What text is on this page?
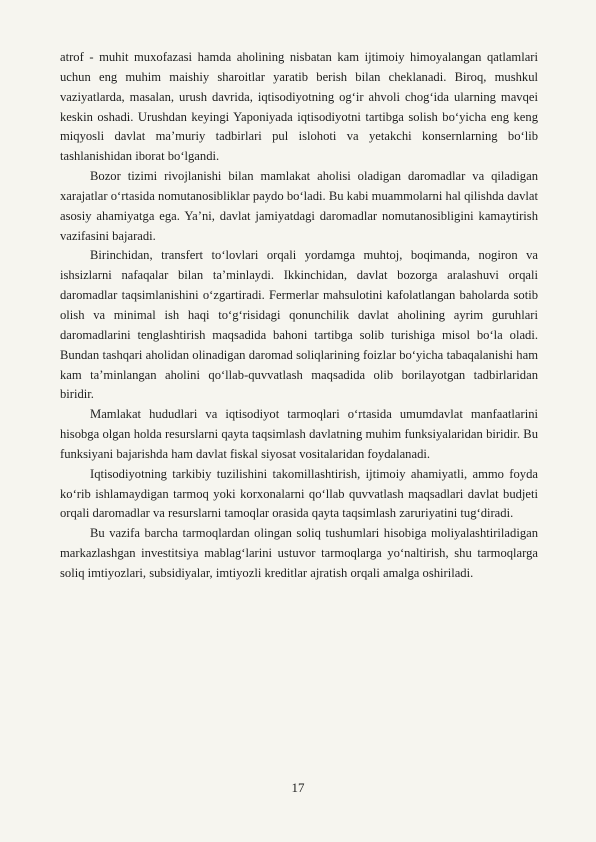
atrof - muhit muxofazasi hamda aholining nisbatan kam ijtimoiy himoyalangan qatlamlari uchun eng muhim maishiy sharoitlar yaratib berish bilan cheklanadi. Biroq, mushkul vaziyatlarda, masalan, urush davrida, iqtisodiyotning og‘ir ahvoli chog‘ida ularning mavqei keskin oshadi. Urushdan keyingi Yaponiyada iqtisodiyotni tartibga solish bo‘yicha eng keng miqyosli davlat ma’muriy tadbirlari pul islohoti va yetakchi konsernlarning bo‘lib tashlanishidan iborat bo‘lgandi.

Bozor tizimi rivojlanishi bilan mamlakat aholisi oladigan daromadlar va qiladigan xarajatlar o‘rtasida nomutanosibliklar paydo bo‘ladi. Bu kabi muammolarni hal qilishda davlat asosiy ahamiyatga ega. Ya’ni, davlat jamiyatdagi daromadlar nomutanosibligini kamaytirish vazifasini bajaradi.

Birinchidan, transfert to‘lovlari orqali yordamga muhtoj, boqimanda, nogiron va ishsizlarni nafaqalar bilan ta’minlaydi. Ikkinchidan, davlat bozorga aralashuvi orqali daromadlar taqsimlanishini o‘zgartiradi. Fermerlar mahsulotini kafolatlangan baholarda sotib olish va minimal ish haqi to‘g‘risidagi qonunchilik davlat aholining ayrim guruhlari daromadlarini tenglashtirish maqsadida bahoni tartibga solib turishiga misol bo‘la oladi. Bundan tashqari aholidan olinadigan daromad soliqlarining foizlar bo‘yicha tabaqalanishi ham kam ta’minlangan aholini qo‘llab-quvvatlash maqsadida olib borilayotgan tadbirlaridan biridir.

Mamlakat hududlari va iqtisodiyot tarmoqlari o‘rtasida umumdavlat manfaatlarini hisobga olgan holda resurslarni qayta taqsimlash davlatning muhim funksiyalaridan biridir. Bu funksiyani bajarishda ham davlat fiskal siyosat vositalaridan foydalanadi.

Iqtisodiyotning tarkibiy tuzilishini takomillashtirish, ijtimoiy ahamiyatli, ammo foyda ko‘rib ishlamaydigan tarmoq yoki korxonalarni qo‘llab quvvatlash maqsadlari davlat budjeti orqali daromadlar va resurslarni tamoqlar orasida qayta taqsimlash zaruriyatini tug‘diradi.

Bu vazifa barcha tarmoqlardan olingan soliq tushumlari hisobiga moliyalashtiriladigan markazlashgan investitsiya mablag‘larini ustuvor tarmoqlarga yo‘naltirish, shu tarmoqlarga soliq imtiyozlari, subsidiyalar, imtiyozli kreditlar ajratish orqali amalga oshiriladi.

17
